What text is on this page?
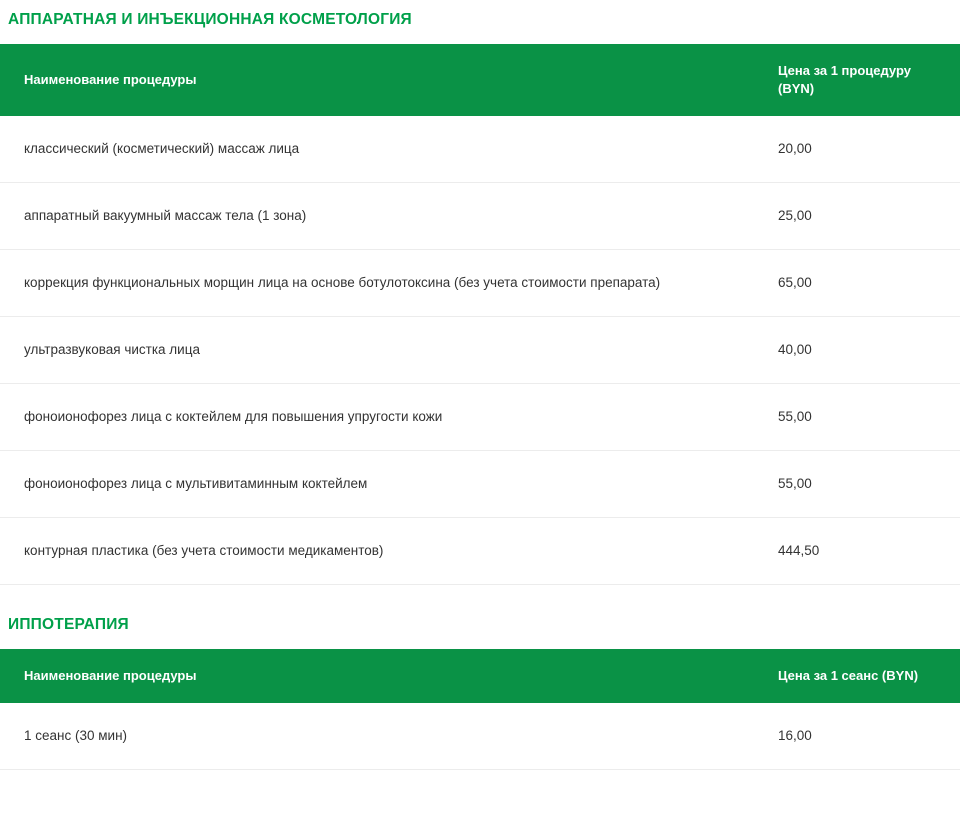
АППАРАТНАЯ И ИНЪЕКЦИОННАЯ КОСМЕТОЛОГИЯ
Наименование процедуры	Цена за 1 процедуру
(BYN)

классический (косметический) массаж лица	20,00
аппаратный вакуумный массаж тела (1 зона)	25,00
коррекция функциональных морщин лица на основе ботулотоксина (без учета стоимости препарата)	65,00
ультразвуковая чистка лица	40,00
фоноионофорез лица с коктейлем для повышения упругости кожи	55,00
фоноионофорез лица с мультивитаминным коктейлем	55,00
контурная пластика (без учета стоимости медикаментов)	444,50
ИППОТЕРАПИЯ
Наименование процедуры	Цена за 1 сеанс (BYN)

1 сеанс (30 мин)	16,00
